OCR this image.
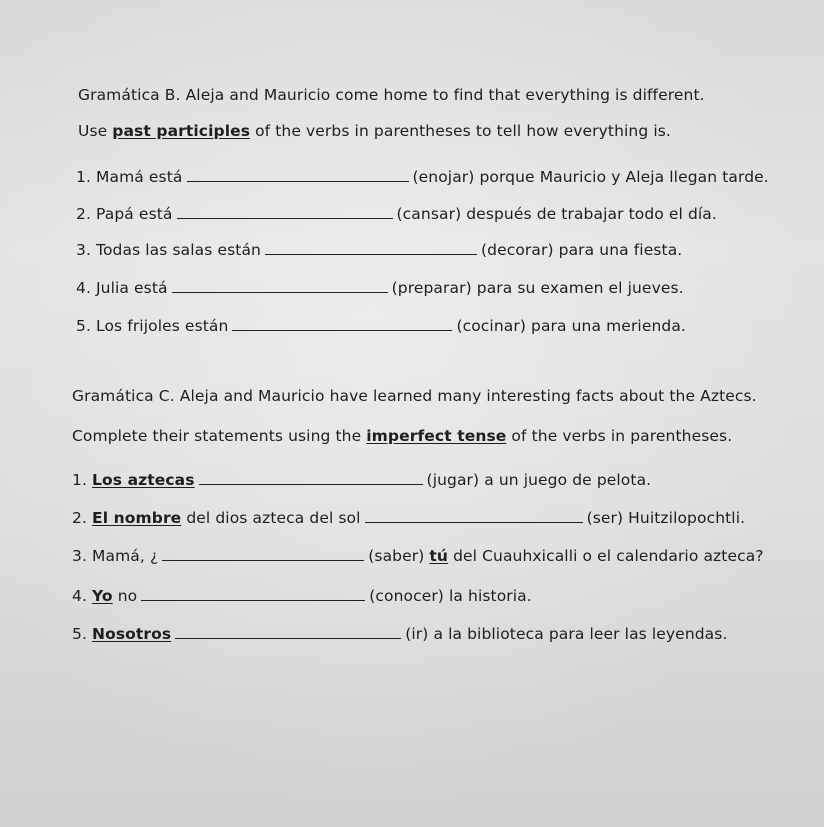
Gramática B. Aleja and Mauricio come home to find that everything is different.
Use past participles of the verbs in parentheses to tell how everything is.
1. Mamá está	(enojar) porque Mauricio y Aleja llegan tarde.
2. Papá está	(cansar) después de trabajar todo el día.
3. Todas las salas están	(decorar) para una fiesta.
4. Julia está	(preparar) para su examen el jueves.
5. Los frijoles están	(cocinar) para una merienda.
Gramática C. Aleja and Mauricio have learned many interesting facts about the Aztecs.
Complete their statements using the imperfect tense of the verbs in parentheses.
1. Los aztecas	(jugar) a un juego de pelota.
2. El nombre del dios azteca del sol	(ser) Huitzilopochtli.
3. Mamá, ¿	(saber) tú del Cuauhxicalli o el calendario azteca?
4. Yo no	(conocer) la historia.
5. Nosotros	(ir) a la biblioteca para leer las leyendas.
